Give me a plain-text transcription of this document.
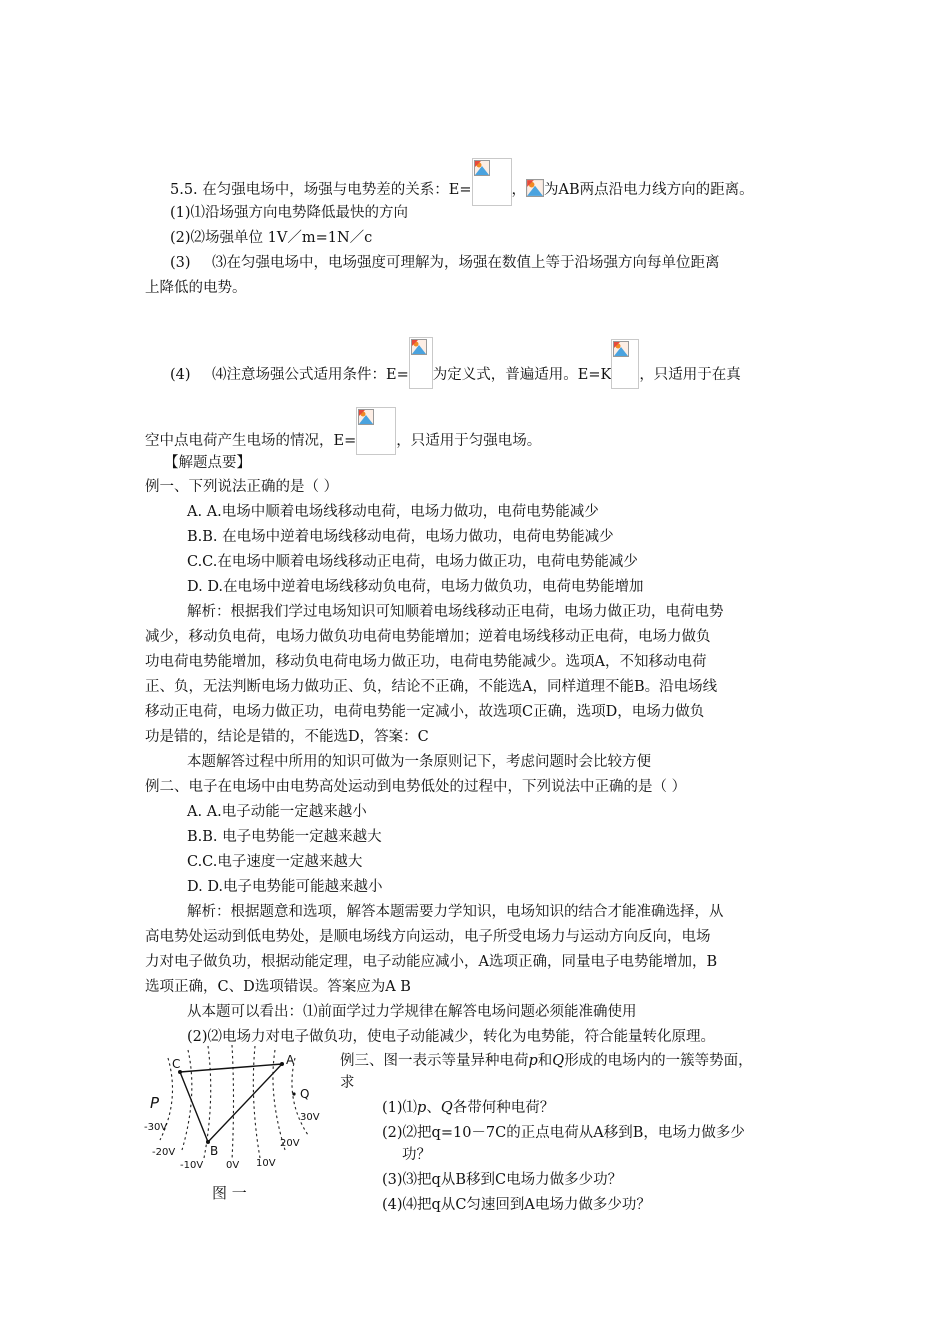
5.5. 在匀强电场中，场强与电势差的关系：E=	， 为AB两点沿电力线方向的距离。
(1)⑴沿场强方向电势降低最快的方向
(2)⑵场强单位 1V／m=1N／c
(3) ⑶在匀强电场中，电场强度可理解为，场强在数值上等于沿场强方向每单位距离
上降低的电势。
(4) ⑷注意场强公式适用条件：E= 为定义式，普遍适用。E=K ，只适用于在真
空中点电荷产生电场的情况，E=	，只适用于匀强电场。
【解题点要】
例一、下列说法正确的是（ ）
A. A.电场中顺着电场线移动电荷，电场力做功，电荷电势能减少
B.B. 在电场中逆着电场线移动电荷，电场力做功，电荷电势能减少
C.C.在电场中顺着电场线移动正电荷，电场力做正功，电荷电势能减少
D. D.在电场中逆着电场线移动负电荷，电场力做负功，电荷电势能增加
解析：根据我们学过电场知识可知顺着电场线移动正电荷，电场力做正功，电荷电势
减少，移动负电荷，电场力做负功电荷电势能增加；逆着电场线移动正电荷，电场力做负
功电荷电势能增加，移动负电荷电场力做正功，电荷电势能减少。选项A，不知移动电荷
正、负，无法判断电场力做功正、负，结论不正确，不能选A，同样道理不能B。沿电场线
移动正电荷，电场力做正功，电荷电势能一定减小，故选项C正确，选项D，电场力做负
功是错的，结论是错的，不能选D，答案：C
本题解答过程中所用的知识可做为一条原则记下，考虑问题时会比较方便
例二、电子在电场中由电势高处运动到电势低处的过程中，下列说法中正确的是（ ）
A. A.电子动能一定越来越小
B.B. 电子电势能一定越来越大
C.C.电子速度一定越来越大
D. D.电子电势能可能越来越小
解析：根据题意和选项，解答本题需要力学知识，电场知识的结合才能准确选择，从
高电势处运动到低电势处，是顺电场线方向运动，电子所受电场力与运动方向反向，电场
力对电子做负功，根据动能定理，电子动能应减小，A选项正确，同量电子电势能增加，B
选项正确，C、D选项错误。答案应为A B
从本题可以看出：⑴前面学过力学规律在解答电场问题必须能准确使用
(2)⑵电场力对电子做负功，使电子动能减少，转化为电势能，符合能量转化原理。
例三、图一表示等量异种电荷p和Q形成的电场内的一簇等势面，
求
(1)⑴p、Q各带何种电荷？
(2)⑵把q=10－7C的正点电荷从A移到B，电场力做多少
功？
(3)⑶把q从B移到C电场力做多少功？
(4)⑷把q从C匀速回到A电场力做多少功？
C	A
B
P	Q
-30V
-20V
-10V 0V 10V
20V
30V
图 一
